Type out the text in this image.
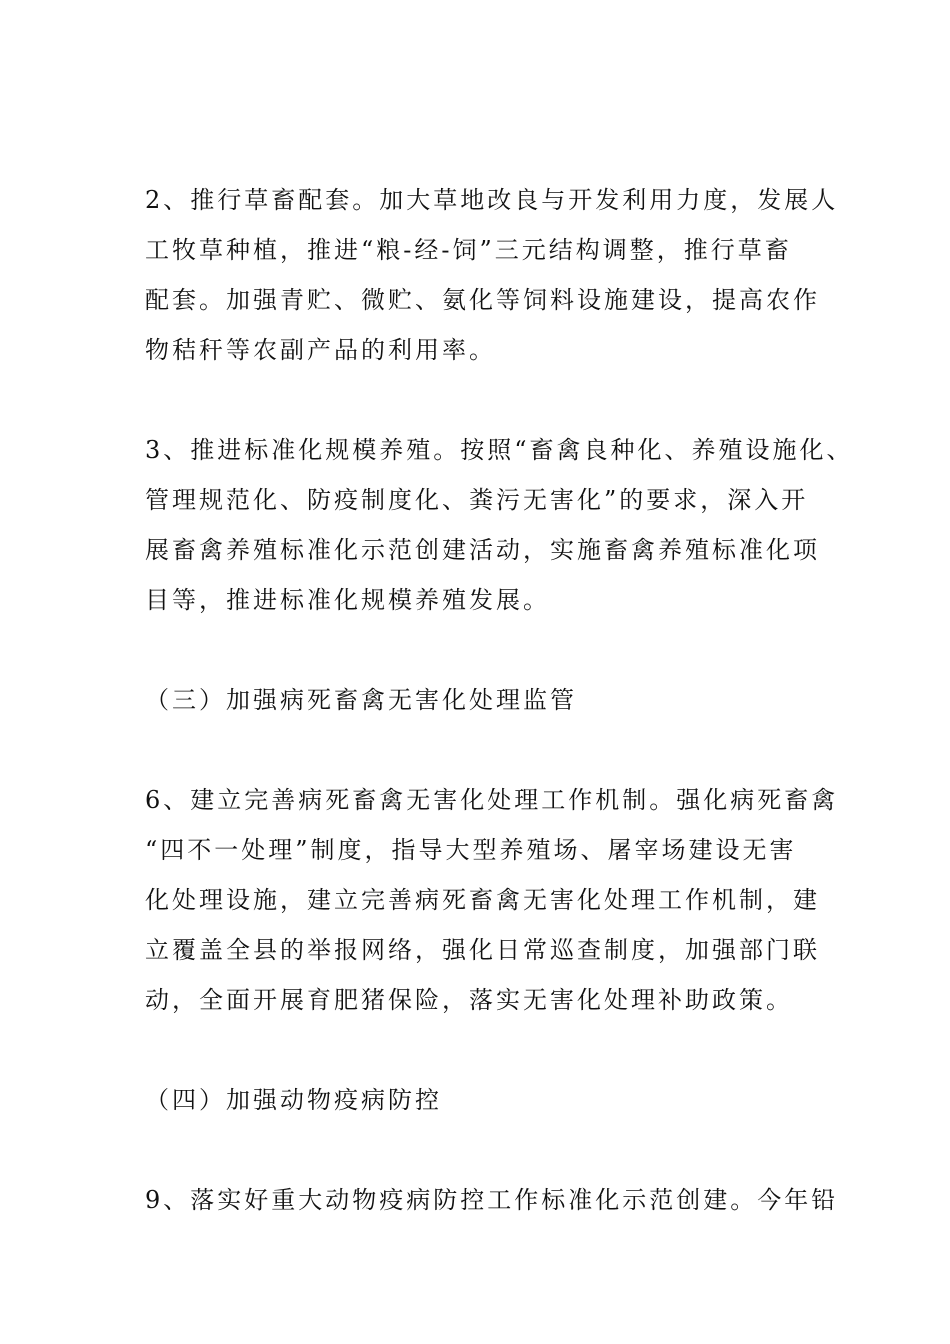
2、推行草畜配套。加大草地改良与开发利用力度，发展人
工牧草种植，推进“粮-经-饲”三元结构调整，推行草畜
配套。加强青贮、微贮、氨化等饲料设施建设，提高农作
物秸秆等农副产品的利用率。
3、推进标准化规模养殖。按照“畜禽良种化、养殖设施化、
管理规范化、防疫制度化、粪污无害化”的要求，深入开
展畜禽养殖标准化示范创建活动，实施畜禽养殖标准化项
目等，推进标准化规模养殖发展。
（三）加强病死畜禽无害化处理监管
6、建立完善病死畜禽无害化处理工作机制。强化病死畜禽
“四不一处理”制度，指导大型养殖场、屠宰场建设无害
化处理设施，建立完善病死畜禽无害化处理工作机制，建
立覆盖全县的举报网络，强化日常巡查制度，加强部门联
动，全面开展育肥猪保险，落实无害化处理补助政策。
（四）加强动物疫病防控
9、落实好重大动物疫病防控工作标准化示范创建。今年铅
